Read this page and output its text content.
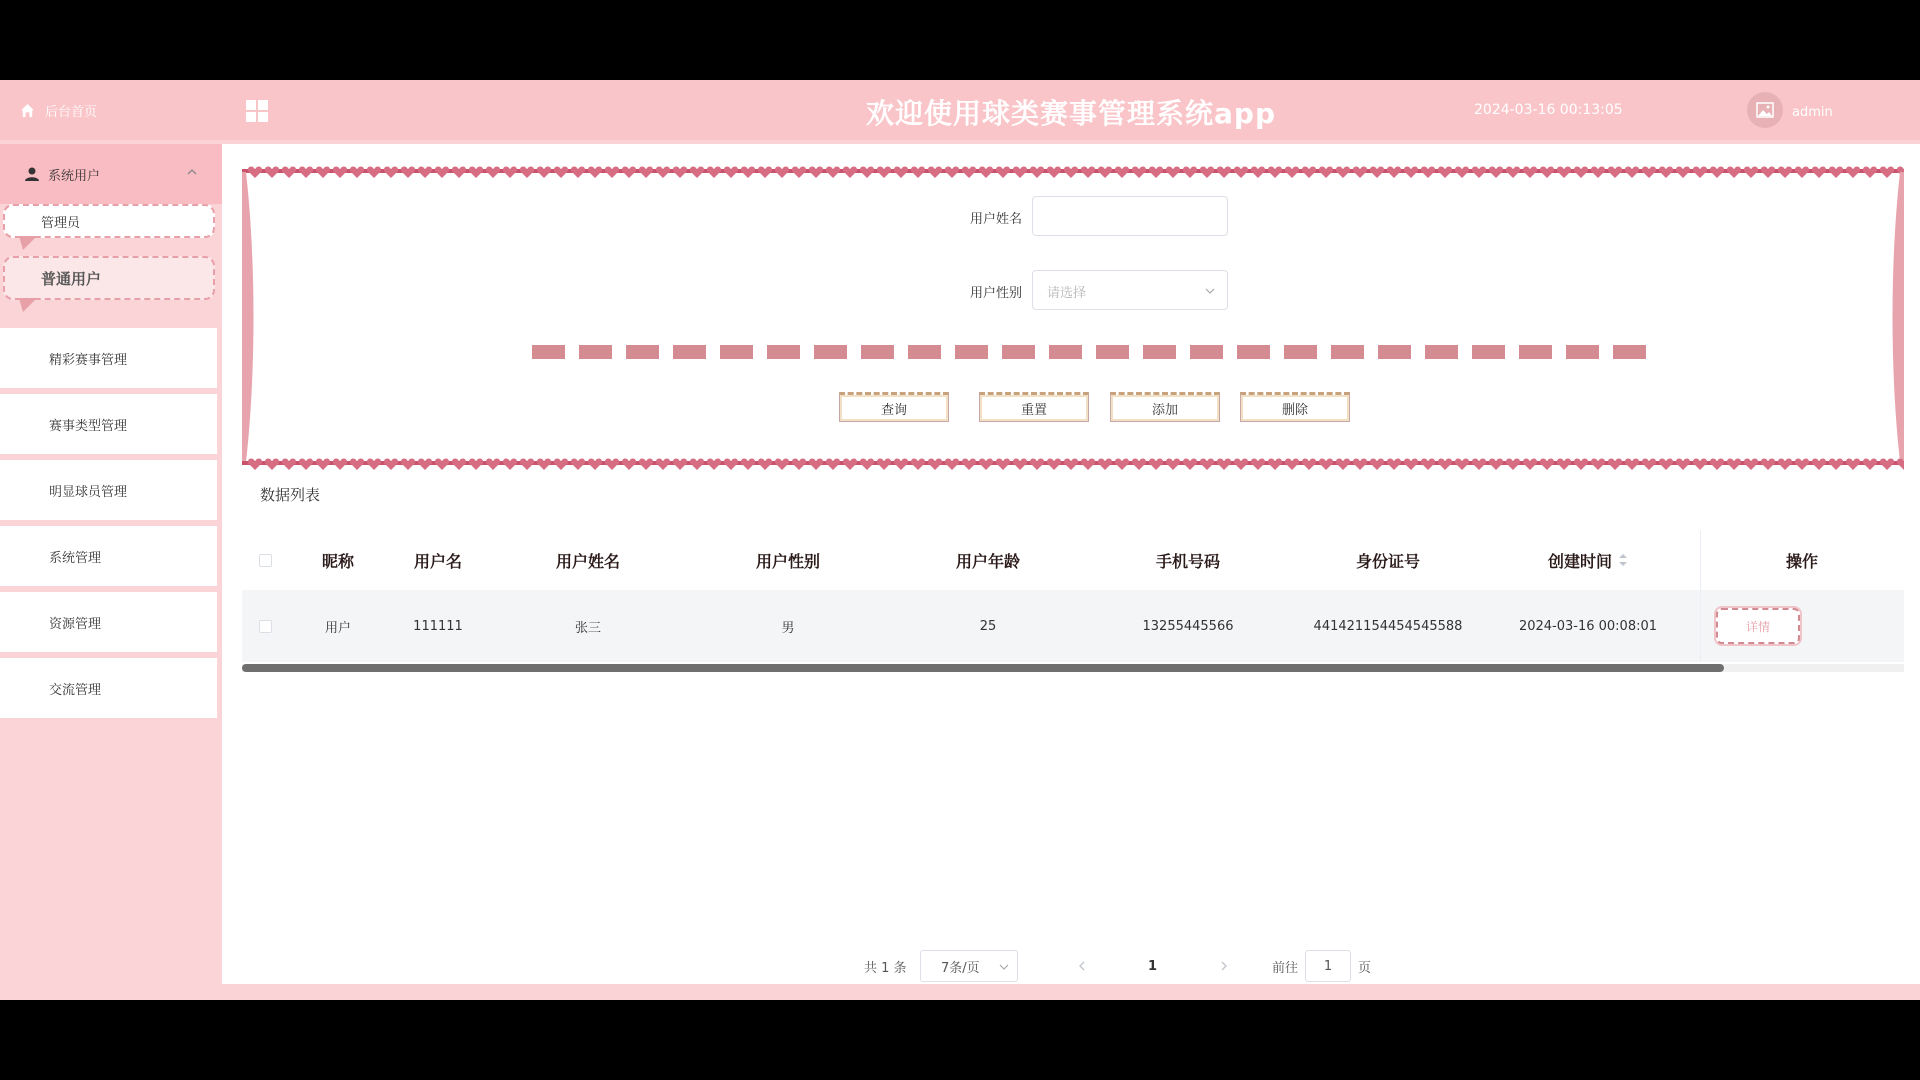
后台首页
系统用户
管理员
普通用户
精彩赛事管理
赛事类型管理
明显球员管理
系统管理
资源管理
交流管理
欢迎使用球类赛事管理系统app	2024-03-16 00:13:05	admin
用户姓名
用户性别 请选择
查询	重置	添加	删除
数据列表
昵称	用户名	用户姓名	用户性别	用户年龄	手机号码	身份证号	创建时间	操作
用户	111111	张三	男	25	13255445566	441421154454545588	2024-03-16 00:08:01	详情
共 1 条	7条/页	1	前往	1	页
